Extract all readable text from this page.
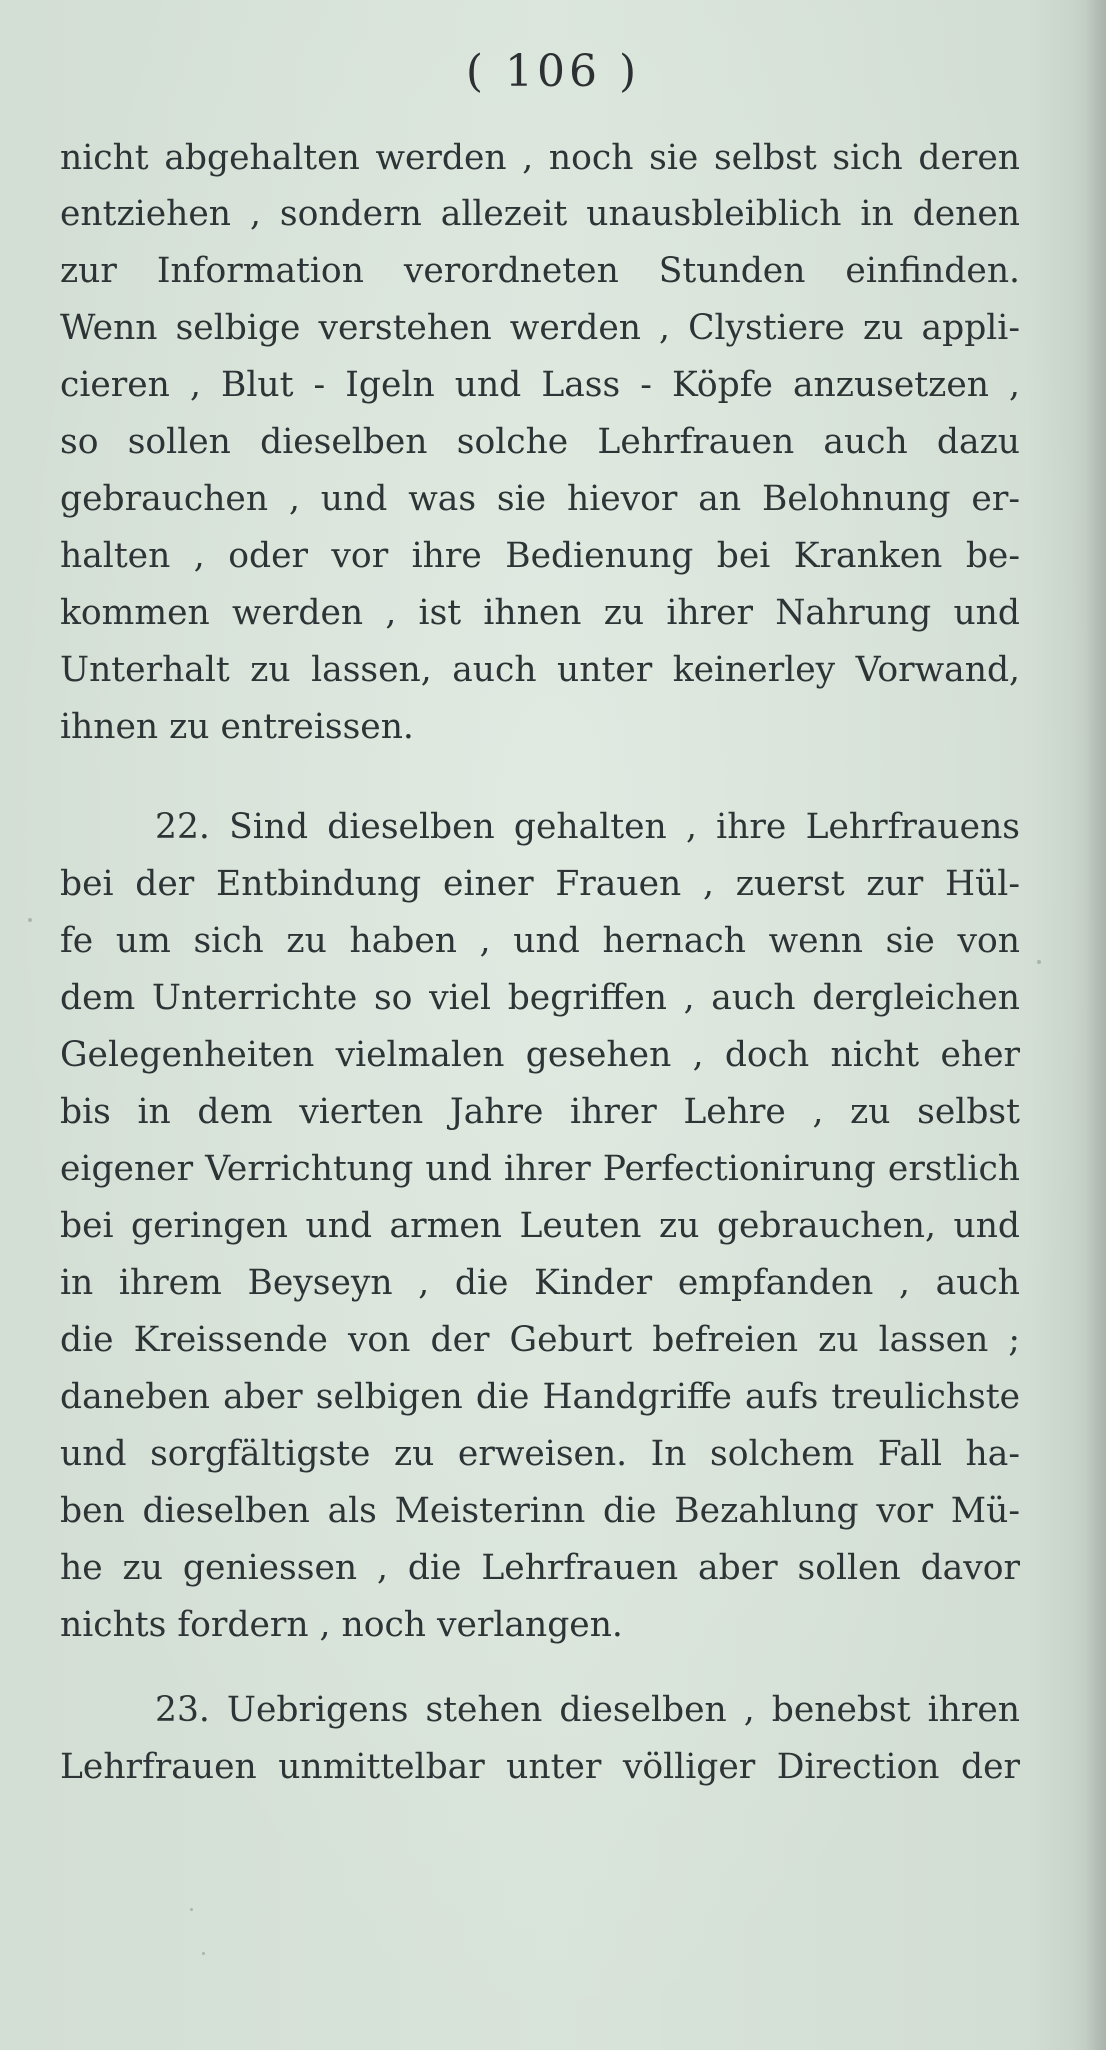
( 106 )
nicht abgehalten werden , noch sie selbst sich deren
entziehen , sondern allezeit unausbleiblich in denen
zur Information verordneten Stunden einfinden.
Wenn selbige verstehen werden , Clystiere zu appli-
cieren , Blut - Igeln und Lass - Köpfe anzusetzen ,
so sollen dieselben solche Lehrfrauen auch dazu
gebrauchen , und was sie hievor an Belohnung er-
halten , oder vor ihre Bedienung bei Kranken be-
kommen werden , ist ihnen zu ihrer Nahrung und
Unterhalt zu lassen, auch unter keinerley Vorwand,
ihnen zu entreissen.
22. Sind dieselben gehalten , ihre Lehrfrauens
bei der Entbindung einer Frauen , zuerst zur Hül-
fe um sich zu haben , und hernach wenn sie von
dem Unterrichte so viel begriffen , auch dergleichen
Gelegenheiten vielmalen gesehen , doch nicht eher
bis in dem vierten Jahre ihrer Lehre , zu selbst
eigener Verrichtung und ihrer Perfectionirung erstlich
bei geringen und armen Leuten zu gebrauchen, und
in ihrem Beyseyn , die Kinder empfanden , auch
die Kreissende von der Geburt befreien zu lassen ;
daneben aber selbigen die Handgriffe aufs treulichste
und sorgfältigste zu erweisen. In solchem Fall ha-
ben dieselben als Meisterinn die Bezahlung vor Mü-
he zu geniessen , die Lehrfrauen aber sollen davor
nichts fordern , noch verlangen.
23. Uebrigens stehen dieselben , benebst ihren
Lehrfrauen unmittelbar unter völliger Direction der
